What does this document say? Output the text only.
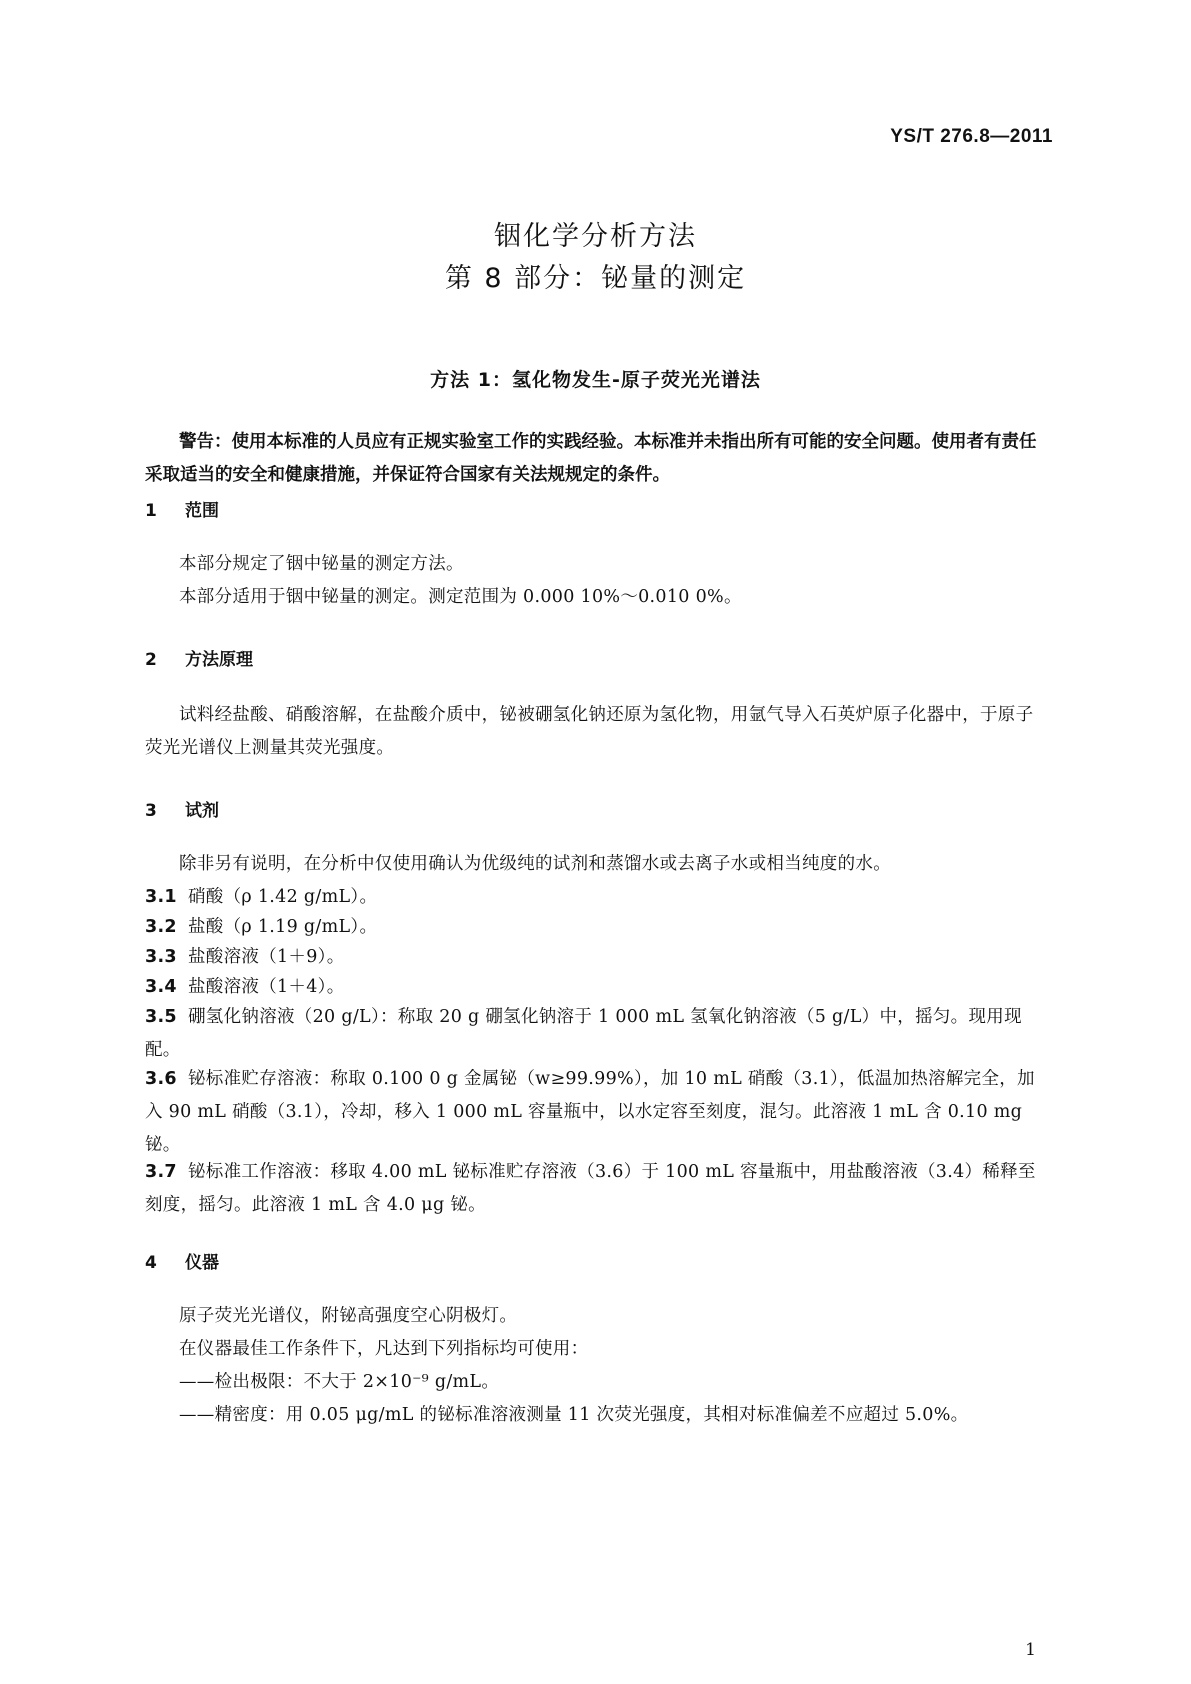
YS/T 276.8—2011
铟化学分析方法
第 8 部分：铋量的测定
方法 1：氢化物发生-原子荧光光谱法
警告：使用本标准的人员应有正规实验室工作的实践经验。本标准并未指出所有可能的安全问题。使用者有责任采取适当的安全和健康措施，并保证符合国家有关法规规定的条件。
1 范围
本部分规定了铟中铋量的测定方法。
本部分适用于铟中铋量的测定。测定范围为 0.000 10%～0.010 0%。
2 方法原理
试料经盐酸、硝酸溶解，在盐酸介质中，铋被硼氢化钠还原为氢化物，用氩气导入石英炉原子化器中，于原子荧光光谱仪上测量其荧光强度。
3 试剂
除非另有说明，在分析中仅使用确认为优级纯的试剂和蒸馏水或去离子水或相当纯度的水。
3.1 硝酸（ρ 1.42 g/mL）。
3.2 盐酸（ρ 1.19 g/mL）。
3.3 盐酸溶液（1＋9）。
3.4 盐酸溶液（1＋4）。
3.5 硼氢化钠溶液（20 g/L）：称取 20 g 硼氢化钠溶于 1 000 mL 氢氧化钠溶液（5 g/L）中，摇匀。现用现配。
3.6 铋标准贮存溶液：称取 0.100 0 g 金属铋（w≥99.99%），加 10 mL 硝酸（3.1），低温加热溶解完全，加入 90 mL 硝酸（3.1），冷却，移入 1 000 mL 容量瓶中，以水定容至刻度，混匀。此溶液 1 mL 含 0.10 mg 铋。
3.7 铋标准工作溶液：移取 4.00 mL 铋标准贮存溶液（3.6）于 100 mL 容量瓶中，用盐酸溶液（3.4）稀释至刻度，摇匀。此溶液 1 mL 含 4.0 μg 铋。
4 仪器
原子荧光光谱仪，附铋高强度空心阴极灯。
在仪器最佳工作条件下，凡达到下列指标均可使用：
——检出极限：不大于 2×10⁻⁹ g/mL。
——精密度：用 0.05 μg/mL 的铋标准溶液测量 11 次荧光强度，其相对标准偏差不应超过 5.0%。
1
